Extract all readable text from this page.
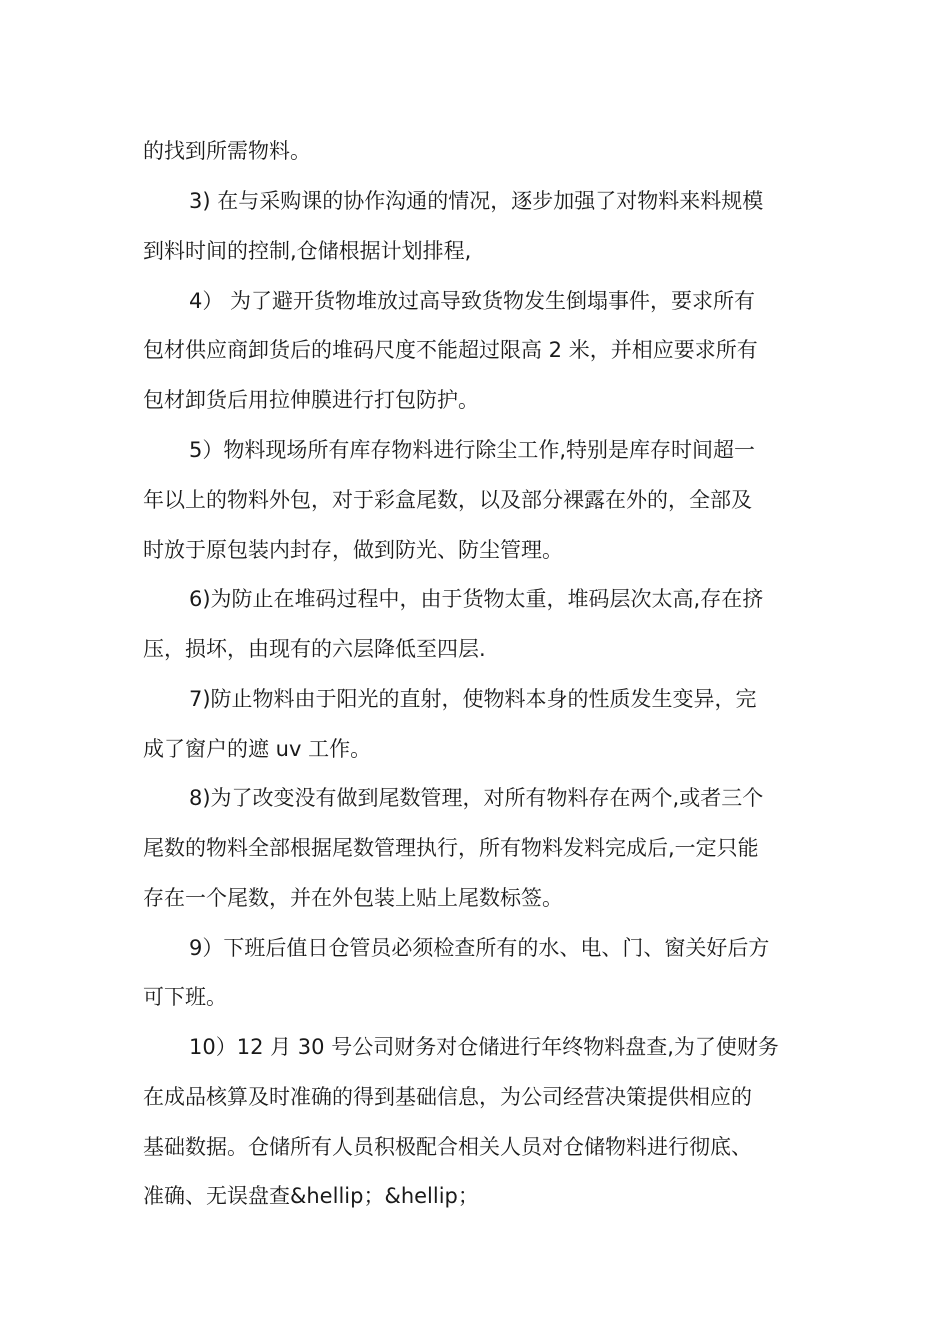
的找到所需物料。
3) 在与采购课的协作沟通的情况，逐步加强了对物料来料规模
到料时间的控制,仓储根据计划排程,
4） 为了避开货物堆放过高导致货物发生倒塌事件，要求所有
包材供应商卸货后的堆码尺度不能超过限高 2 米，并相应要求所有
包材卸货后用拉伸膜进行打包防护。
5）物料现场所有库存物料进行除尘工作,特别是库存时间超一
年以上的物料外包，对于彩盒尾数，以及部分裸露在外的，全部及
时放于原包装内封存，做到防光、防尘管理。
6)为防止在堆码过程中，由于货物太重，堆码层次太高,存在挤
压，损坏，由现有的六层降低至四层.
7)防止物料由于阳光的直射，使物料本身的性质发生变异，完
成了窗户的遮 uv 工作。
8)为了改变没有做到尾数管理，对所有物料存在两个,或者三个
尾数的物料全部根据尾数管理执行，所有物料发料完成后,一定只能
存在一个尾数，并在外包装上贴上尾数标签。
9）下班后值日仓管员必须检查所有的水、电、门、窗关好后方
可下班。
10）12 月 30 号公司财务对仓储进行年终物料盘查,为了使财务
在成品核算及时准确的得到基础信息，为公司经营决策提供相应的
基础数据。仓储所有人员积极配合相关人员对仓储物料进行彻底、
准确、无误盘查&hellip；&hellip；
